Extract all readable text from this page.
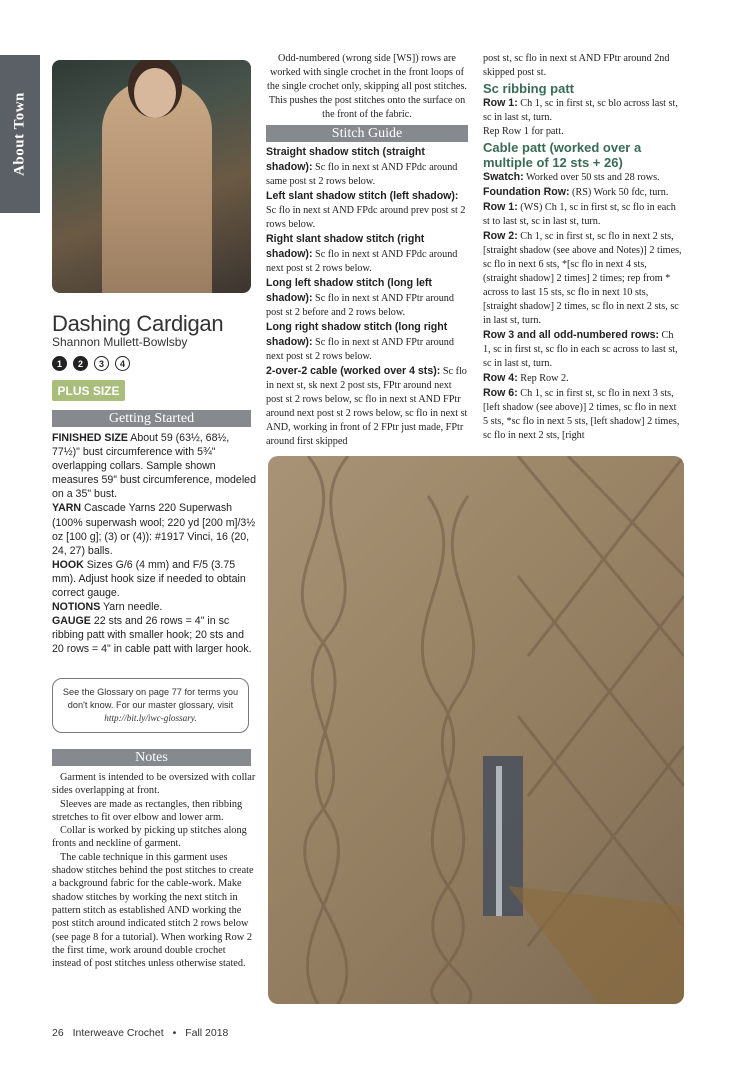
About Town
Dashing Cardigan
Shannon Mullett-Bowlsby
1	2	3	4
PLUS SIZE
Getting Started

FINISHED SIZE About 59 (63½, 68½, 77½)" bust circumference with 5¾" overlapping collars. Sample shown measures 59" bust circumference, modeled on a 35" bust.

YARN Cascade Yarns 220 Superwash (100% superwash wool; 220 yd [200 m]/3½ oz [100 g]; (3) or (4)): #1917 Vinci, 16 (20, 24, 27) balls.

HOOK Sizes G/6 (4 mm) and F/5 (3.75 mm). Adjust hook size if needed to obtain correct gauge.

NOTIONS Yarn needle.

GAUGE 22 sts and 26 rows = 4" in sc ribbing patt with smaller hook; 20 sts and 20 rows = 4" in cable patt with larger hook.

See the Glossary on page 77 for terms you don't know. For our master glossary, visit http://bit.ly/iwc-glossary.
Notes

Garment is intended to be oversized with collar sides overlapping at front.

Sleeves are made as rectangles, then ribbing stretches to fit over elbow and lower arm.

Collar is worked by picking up stitches along fronts and neckline of garment.

The cable technique in this garment uses shadow stitches behind the post stitches to create a background fabric for the cable-work. Make shadow stitches by working the next stitch in pattern stitch as established AND working the post stitch around indicated stitch 2 rows below (see page 8 for a tutorial). When working Row 2 the first time, work around double crochet instead of post stitches unless otherwise stated.

Odd-numbered (wrong side [WS]) rows are worked with single crochet in the front loops of the single crochet only, skipping all post stitches. This pushes the post stitches onto the surface on the front of the fabric.

Stitch Guide

Straight shadow stitch (straight shadow): Sc flo in next st AND FPdc around same post st 2 rows below.

Left slant shadow stitch (left shadow): Sc flo in next st AND FPdc around prev post st 2 rows below.

Right slant shadow stitch (right shadow): Sc flo in next st AND FPdc around next post st 2 rows below.

Long left shadow stitch (long left shadow): Sc flo in next st AND FPtr around post st 2 before and 2 rows below.

Long right shadow stitch (long right shadow): Sc flo in next st AND FPtr around next post st 2 rows below.

2-over-2 cable (worked over 4 sts): Sc flo in next st, sk next 2 post sts, FPtr around next post st 2 rows below, sc flo in next st AND FPtr around next post st 2 rows below, sc flo in next st AND, working in front of 2 FPtr just made, FPtr around first skipped

post st, sc flo in next st AND FPtr around 2nd skipped post st.

Sc ribbing patt

Row 1: Ch 1, sc in first st, sc blo across last st, sc in last st, turn.

Rep Row 1 for patt.

Cable patt (worked over a multiple of 12 sts + 26)

Swatch: Worked over 50 sts and 28 rows.

Foundation Row: (RS) Work 50 fdc, turn.

Row 1: (WS) Ch 1, sc in first st, sc flo in each st to last st, sc in last st, turn.

Row 2: Ch 1, sc in first st, sc flo in next 2 sts, [straight shadow (see above and Notes)] 2 times, sc flo in next 6 sts, *[sc flo in next 4 sts, (straight shadow] 2 times] 2 times; rep from * across to last 15 sts, sc flo in next 10 sts, [straight shadow] 2 times, sc flo in next 2 sts, sc in last st, turn.

Row 3 and all odd-numbered rows: Ch 1, sc in first st, sc flo in each sc across to last st, sc in last st, turn.

Row 4: Rep Row 2.

Row 6: Ch 1, sc in first st, sc flo in next 3 sts, [left shadow (see above)] 2 times, sc flo in next 5 sts, *sc flo in next 5 sts, [left shadow] 2 times, sc flo in next 2 sts, [right

26 Interweave Crochet • Fall 2018
